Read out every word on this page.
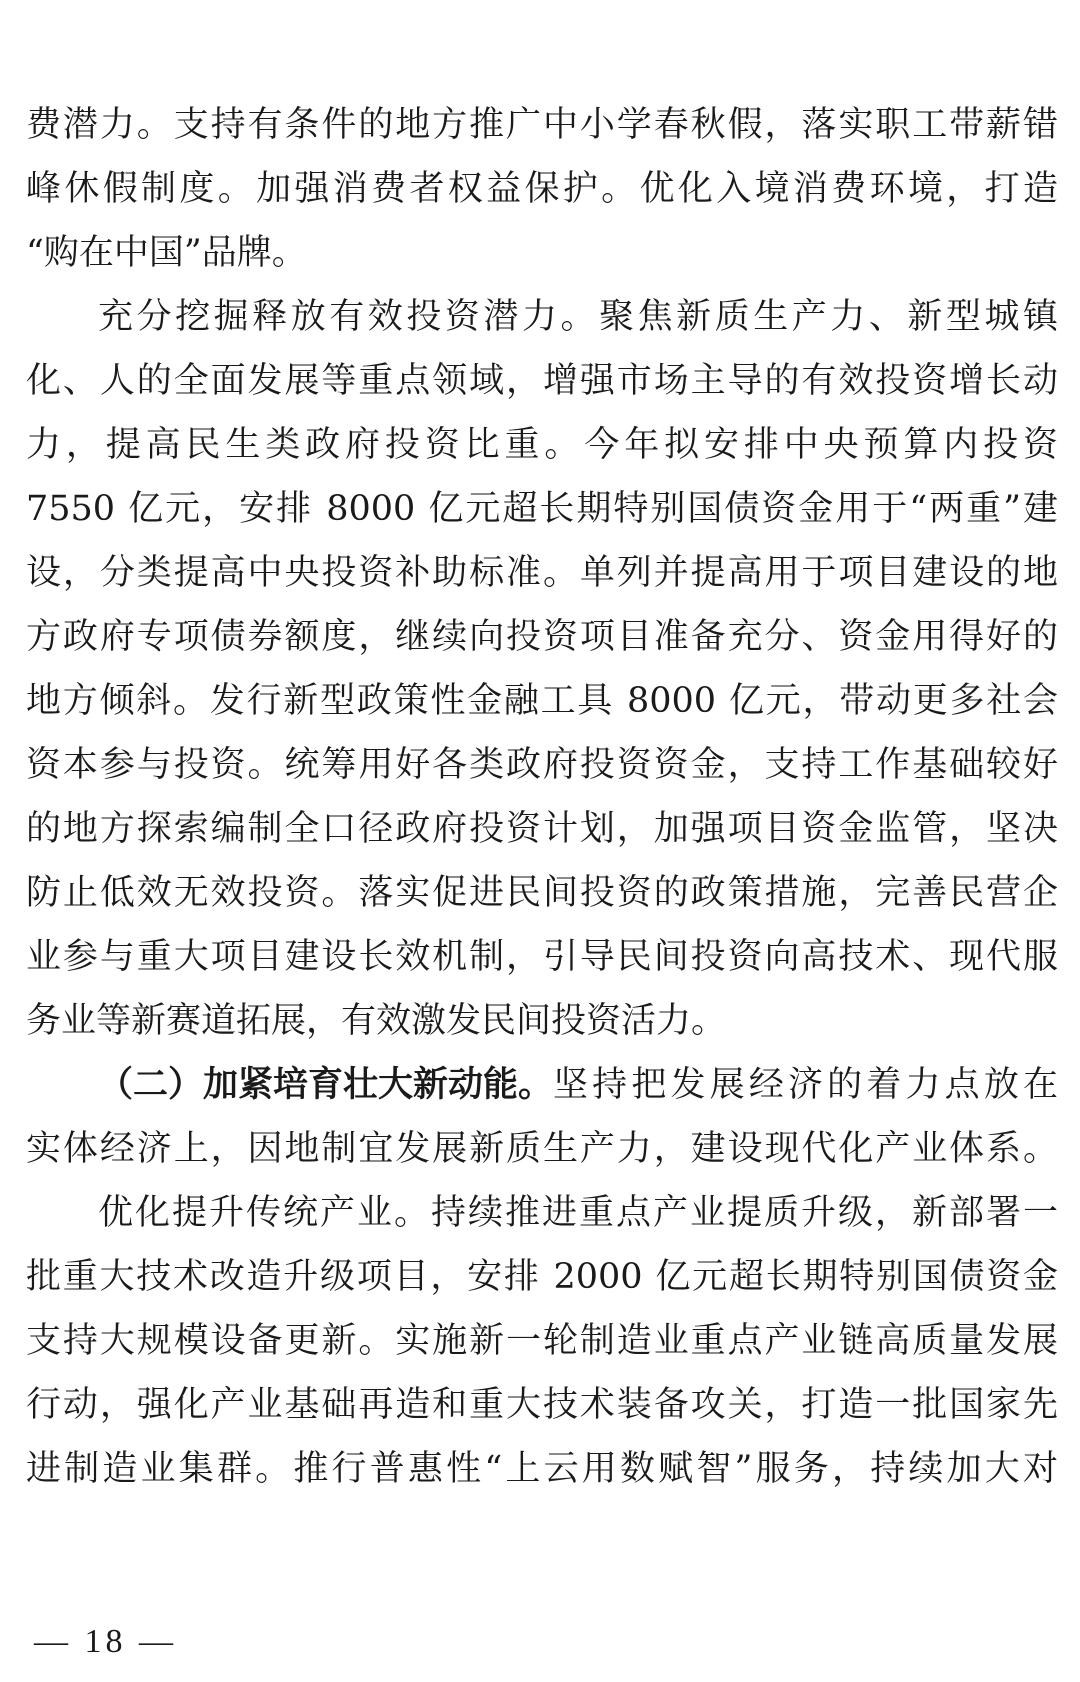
费潜力。支持有条件的地方推广中小学春秋假，落实职工带薪错
峰休假制度。加强消费者权益保护。优化入境消费环境，打造
“购在中国”品牌。
充分挖掘释放有效投资潜力。聚焦新质生产力、新型城镇
化、人的全面发展等重点领域，增强市场主导的有效投资增长动
力，提高民生类政府投资比重。今年拟安排中央预算内投资
7550 亿元，安排 8000 亿元超长期特别国债资金用于“两重”建
设，分类提高中央投资补助标准。单列并提高用于项目建设的地
方政府专项债券额度，继续向投资项目准备充分、资金用得好的
地方倾斜。发行新型政策性金融工具 8000 亿元，带动更多社会
资本参与投资。统筹用好各类政府投资资金，支持工作基础较好
的地方探索编制全口径政府投资计划，加强项目资金监管，坚决
防止低效无效投资。落实促进民间投资的政策措施，完善民营企
业参与重大项目建设长效机制，引导民间投资向高技术、现代服
务业等新赛道拓展，有效激发民间投资活力。
（二）加紧培育壮大新动能。 坚持把发展经济的着力点放在
实体经济上，因地制宜发展新质生产力，建设现代化产业体系。
优化提升传统产业。持续推进重点产业提质升级，新部署一
批重大技术改造升级项目，安排 2000 亿元超长期特别国债资金
支持大规模设备更新。实施新一轮制造业重点产业链高质量发展
行动，强化产业基础再造和重大技术装备攻关，打造一批国家先
进制造业集群。推行普惠性“上云用数赋智”服务，持续加大对
— 18 —
